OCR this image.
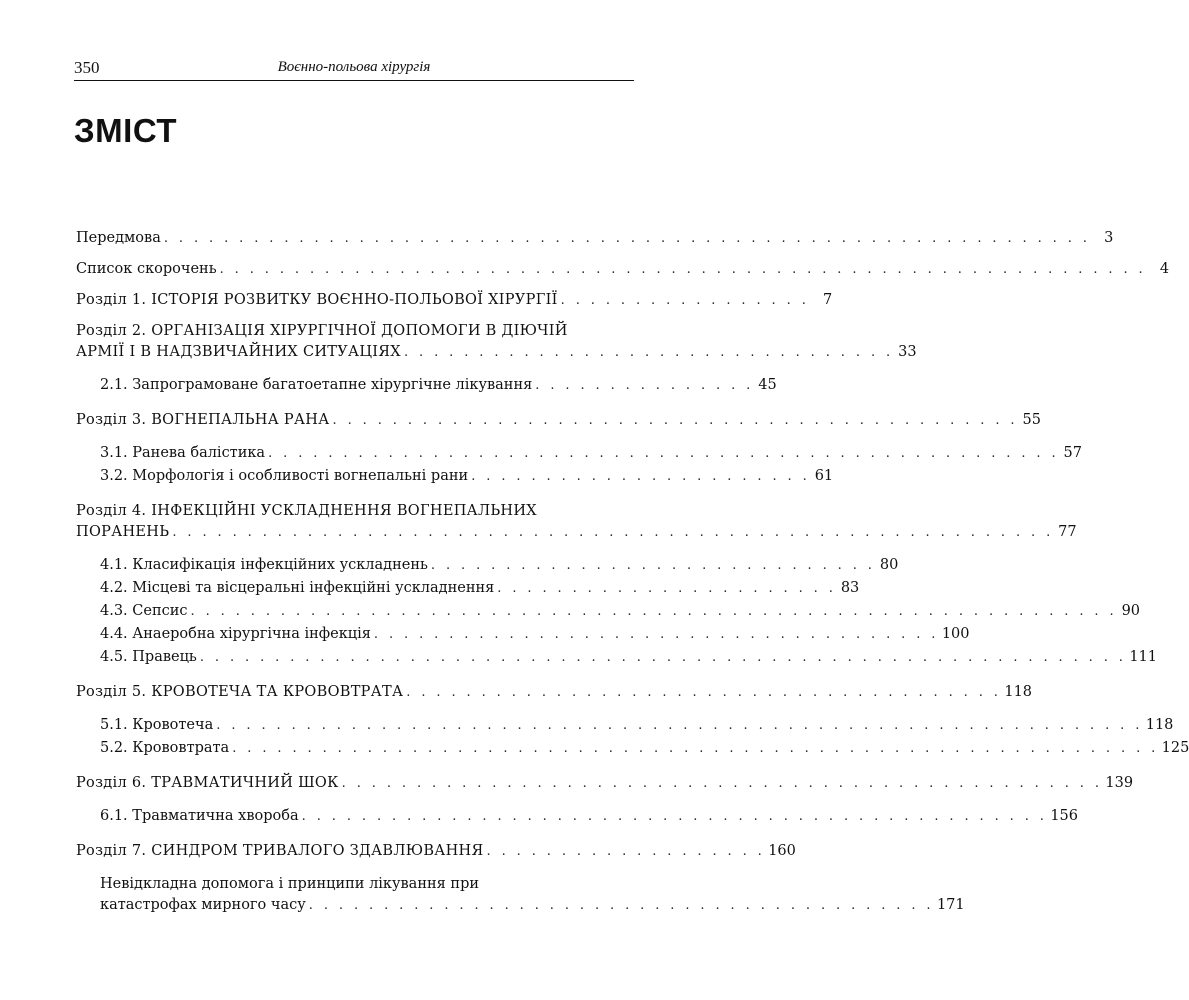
350	Воєнно-польова хірургія
ЗМІСТ
Передмова . . . . . . . . . . . . . . . . . . . . . . . . . . . . . . . . . . . . . . . . . . . . . . . . . . . . . . . . . . . . . . 3
Список скорочень . . . . . . . . . . . . . . . . . . . . . . . . . . . . . . . . . . . . . . . . . . . . . . . . . . . . . . . . . . . . . . 4
Розділ 1. ІСТОРІЯ РОЗВИТКУ ВОЄННО-ПОЛЬОВОЇ ХІРУРГІЇ . . . . . . . . . . . . . . . . . 7
Розділ 2. ОРГАНІЗАЦІЯ ХІРУРГІЧНОЇ ДОПОМОГИ В ДІЮЧІЙ
АРМІЇ І В НАДЗВИЧАЙНИХ СИТУАЦІЯХ . . . . . . . . . . . . . . . . . . . . . . . . . . . . . . . . . 33
2.1. Запрограмоване багатоетапне хірургічне лікування . . . . . . . . . . . . . . . 45
Розділ 3. ВОГНЕПАЛЬНА РАНА . . . . . . . . . . . . . . . . . . . . . . . . . . . . . . . . . . . . . . . . . . . . . . 55
3.1. Ранева балістика . . . . . . . . . . . . . . . . . . . . . . . . . . . . . . . . . . . . . . . . . . . . . . . . . . . . . 57
3.2. Морфологія і особливості вогнепальні рани . . . . . . . . . . . . . . . . . . . . . . . 61
Розділ 4. ІНФЕКЦІЙНІ УСКЛАДНЕННЯ ВОГНЕПАЛЬНИХ
ПОРАНЕНЬ . . . . . . . . . . . . . . . . . . . . . . . . . . . . . . . . . . . . . . . . . . . . . . . . . . . . . . . . . . . 77
4.1. Класифікація інфекційних ускладнень . . . . . . . . . . . . . . . . . . . . . . . . . . . . . . 80
4.2. Місцеві та вісцеральні інфекційні ускладнення . . . . . . . . . . . . . . . . . . . . . . . 83
4.3. Сепсис . . . . . . . . . . . . . . . . . . . . . . . . . . . . . . . . . . . . . . . . . . . . . . . . . . . . . . . . . . . . . . 90
4.4. Анаеробна хірургічна інфекція . . . . . . . . . . . . . . . . . . . . . . . . . . . . . . . . . . . . . . 100
4.5. Правець . . . . . . . . . . . . . . . . . . . . . . . . . . . . . . . . . . . . . . . . . . . . . . . . . . . . . . . . . . . . . . 111
Розділ 5. КРОВОТЕЧА ТА КРОВОВТРАТА . . . . . . . . . . . . . . . . . . . . . . . . . . . . . . . . . . . . . . . . 118
5.1. Кровотеча . . . . . . . . . . . . . . . . . . . . . . . . . . . . . . . . . . . . . . . . . . . . . . . . . . . . . . . . . . . . . . 118
5.2. Крововтрата . . . . . . . . . . . . . . . . . . . . . . . . . . . . . . . . . . . . . . . . . . . . . . . . . . . . . . . . . . . . . . 125
Розділ 6. ТРАВМАТИЧНИЙ ШОК . . . . . . . . . . . . . . . . . . . . . . . . . . . . . . . . . . . . . . . . . . . . . . . . . . . 139
6.1. Травматична хвороба . . . . . . . . . . . . . . . . . . . . . . . . . . . . . . . . . . . . . . . . . . . . . . . . . . 156
Розділ 7. СИНДРОМ ТРИВАЛОГО ЗДАВЛЮВАННЯ . . . . . . . . . . . . . . . . . . . 160
Невідкладна допомога і принципи лікування при
катастрофах мирного часу . . . . . . . . . . . . . . . . . . . . . . . . . . . . . . . . . . . . . . . . . . 171
